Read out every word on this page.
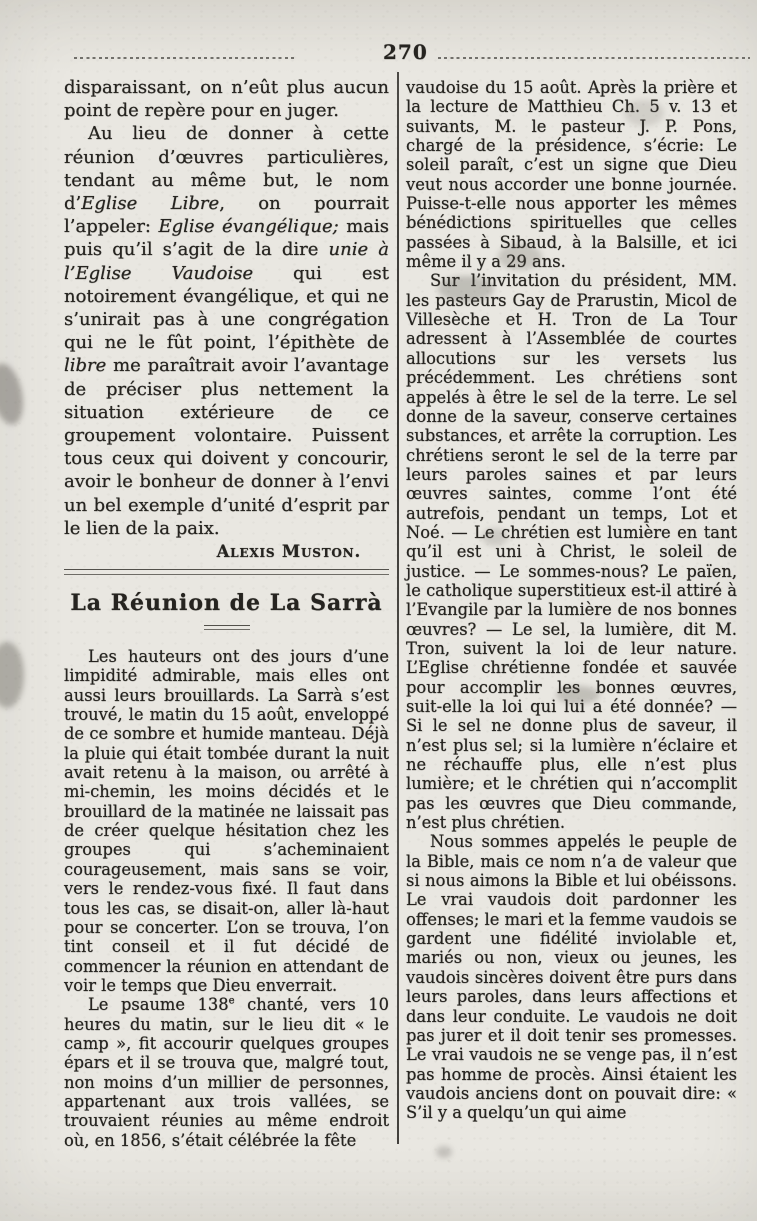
270

disparaissant, on n’eût plus aucun point de repère pour en juger.

Au lieu de donner à cette réunion d’œuvres particulières, tendant au même but, le nom d’Eglise Libre, on pourrait l’appeler: Eglise évangélique; mais puis qu’il s’agit de la dire unie à l’Eglise Vaudoise qui est notoirement évangélique, et qui ne s’unirait pas à une congrégation qui ne le fût point, l’épithète de libre me paraîtrait avoir l’avantage de préciser plus nettement la situation extérieure de ce groupement volontaire. Puissent tous ceux qui doivent y concourir, avoir le bonheur de donner à l’envi un bel exemple d’unité d’esprit par le lien de la paix.

Alexis Muston.
La Réunion de La Sarrà

Les hauteurs ont des jours d’une limpidité admirable, mais elles ont aussi leurs brouillards. La Sarrà s’est trouvé, le matin du 15 août, enveloppé de ce sombre et humide manteau. Déjà la pluie qui était tombée durant la nuit avait retenu à la maison, ou arrêté à mi-chemin, les moins décidés et le brouillard de la matinée ne laissait pas de créer quelque hésitation chez les groupes qui s’acheminaient courageusement, mais sans se voir, vers le rendez-vous fixé. Il faut dans tous les cas, se disait-on, aller là-haut pour se concerter. L’on se trouva, l’on tint conseil et il fut décidé de commencer la réunion en attendant de voir le temps que Dieu enverrait.

Le psaume 138e chanté, vers 10 heures du matin, sur le lieu dit « le camp », fit accourir quelques groupes épars et il se trouva que, malgré tout, non moins d’un millier de personnes, appartenant aux trois vallées, se trouvaient réunies au même endroit où, en 1856, s’était célébrée la fête

vaudoise du 15 août. Après la prière et la lecture de Matthieu Ch. 5 v. 13 et suivants, M. le pasteur J. P. Pons, chargé de la présidence, s’écrie: Le soleil paraît, c’est un signe que Dieu veut nous accorder une bonne journée. Puisse-t-elle nous apporter les mêmes bénédictions spirituelles que celles passées à Sibaud, à la Balsille, et ici même il y a 29 ans.

Sur l’invitation du président, MM. les pasteurs Gay de Prarustin, Micol de Villesèche et H. Tron de La Tour adressent à l’Assemblée de courtes allocutions sur les versets lus précédemment. Les chrétiens sont appelés à être le sel de la terre. Le sel donne de la saveur, conserve certaines substances, et arrête la corruption. Les chrétiens seront le sel de la terre par leurs paroles saines et par leurs œuvres saintes, comme l’ont été autrefois, pendant un temps, Lot et Noé. — Le chrétien est lumière en tant qu’il est uni à Christ, le soleil de justice. — Le sommes-nous? Le païen, le catholique superstitieux est-il attiré à l’Evangile par la lumière de nos bonnes œuvres? — Le sel, la lumière, dit M. Tron, suivent la loi de leur nature. L’Eglise chrétienne fondée et sauvée pour accomplir les bonnes œuvres, suit-elle la loi qui lui a été donnée? — Si le sel ne donne plus de saveur, il n’est plus sel; si la lumière n’éclaire et ne réchauffe plus, elle n’est plus lumière; et le chrétien qui n’accomplit pas les œuvres que Dieu commande, n’est plus chrétien.

Nous sommes appelés le peuple de la Bible, mais ce nom n’a de valeur que si nous aimons la Bible et lui obéissons. Le vrai vaudois doit pardonner les offenses; le mari et la femme vaudois se gardent une fidélité inviolable et, mariés ou non, vieux ou jeunes, les vaudois sincères doivent être purs dans leurs paroles, dans leurs affections et dans leur conduite. Le vaudois ne doit pas jurer et il doit tenir ses promesses. Le vrai vaudois ne se venge pas, il n’est pas homme de procès. Ainsi étaient les vaudois anciens dont on pouvait dire: « S’il y a quelqu’un qui aime
